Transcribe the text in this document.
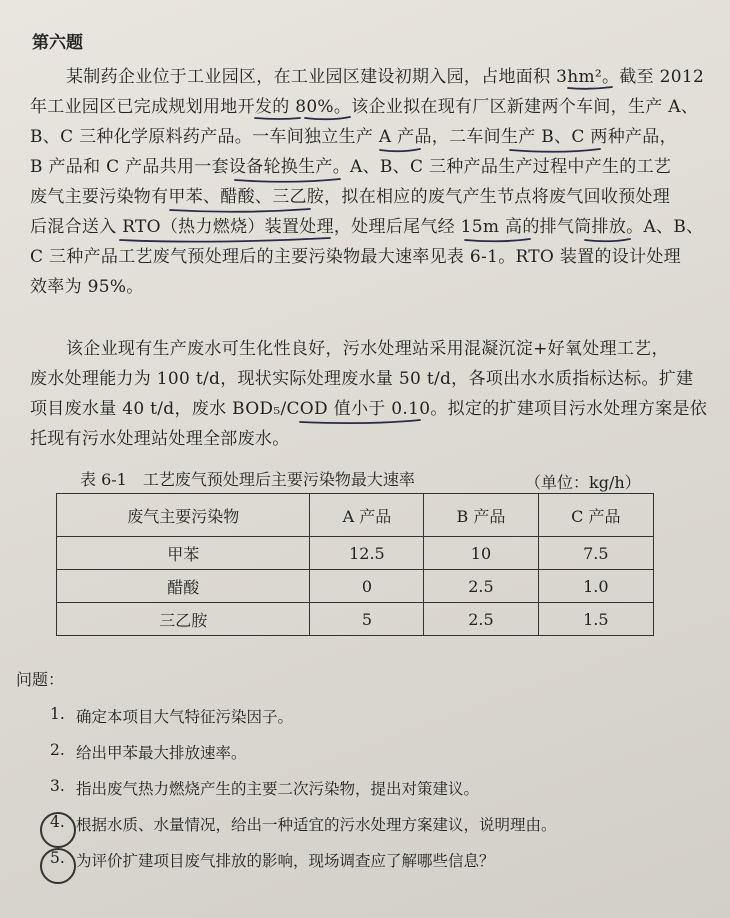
第六题
某制药企业位于工业园区，在工业园区建设初期入园，占地面积 3hm²。截至 2012
年工业园区已完成规划用地开发的 80%。该企业拟在现有厂区新建两个车间，生产 A、
B、C 三种化学原料药产品。一车间独立生产 A 产品，二车间生产 B、C 两种产品，
B 产品和 C 产品共用一套设备轮换生产。A、B、C 三种产品生产过程中产生的工艺
废气主要污染物有甲苯、醋酸、三乙胺，拟在相应的废气产生节点将废气回收预处理
后混合送入 RTO（热力燃烧）装置处理，处理后尾气经 15m 高的排气筒排放。A、B、
C 三种产品工艺废气预处理后的主要污染物最大速率见表 6-1。RTO 装置的设计处理
效率为 95%。
该企业现有生产废水可生化性良好，污水处理站采用混凝沉淀+好氧处理工艺，
废水处理能力为 100 t/d，现状实际处理废水量 50 t/d，各项出水水质指标达标。扩建
项目废水量 40 t/d，废水 BOD₅/COD 值小于 0.10。拟定的扩建项目污水处理方案是依
托现有污水处理站处理全部废水。
表 6-1　工艺废气预处理后主要污染物最大速率	（单位：kg/h）
废气主要污染物	A 产品	B 产品	C 产品
甲苯	12.5	10	7.5
醋酸	0	2.5	1.0
三乙胺	5	2.5	1.5
问题：
1. 确定本项目大气特征污染因子。
2. 给出甲苯最大排放速率。
3. 指出废气热力燃烧产生的主要二次污染物，提出对策建议。
4. 根据水质、水量情况，给出一种适宜的污水处理方案建议，说明理由。
5. 为评价扩建项目废气排放的影响，现场调查应了解哪些信息？
